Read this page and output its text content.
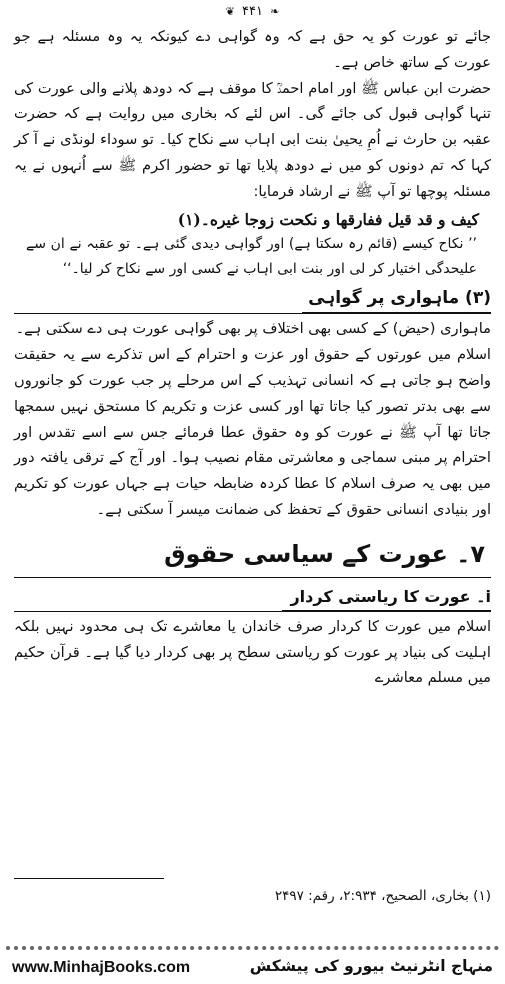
❦ ۴۴۱ ❧

جائے تو عورت کو یہ حق ہے کہ وہ گواہی دے کیونکہ یہ وہ مسئلہ ہے جو عورت کے ساتھ خاص ہے۔

حضرت ابن عباس ﷺ اور امام احمدؒ کا موقف ہے کہ دودھ پلانے والی عورت کی تنہا گواہی قبول کی جائے گی۔ اس لئے کہ بخاری میں روایت ہے کہ حضرت عقبہ بن حارث نے اُمِ یحییٰ بنت ابی اہاب سے نکاح کیا۔ تو سوداء لونڈی نے آ کر کہا کہ تم دونوں کو میں نے دودھ پلایا تھا تو حضور اکرم ﷺ سے اُنہوں نے یہ مسئلہ پوچھا تو آپ ﷺ نے ارشاد فرمایا:

كيف و قد قيل ففارقها و نكحت زوجا غيره۔(۱)

’’ نکاح کیسے (قائم رہ سکتا ہے) اور گواہی دیدی گئی ہے۔ تو عقبہ نے ان سے علیحدگی اختیار کر لی اور بنت ابی اہاب نے کسی اور سے نکاح کر لیا۔‘‘

(۳) ماہواری پر گواہی

ماہواری (حیض) کے کسی بھی اختلاف پر بھی گواہی عورت ہی دے سکتی ہے۔

اسلام میں عورتوں کے حقوق اور عزت و احترام کے اس تذکرے سے یہ حقیقت واضح ہو جاتی ہے کہ انسانی تہذیب کے اس مرحلے پر جب عورت کو جانوروں سے بھی بدتر تصور کیا جاتا تھا اور کسی عزت و تکریم کا مستحق نہیں سمجھا جاتا تھا آپ ﷺ نے عورت کو وہ حقوق عطا فرمائے جس سے اسے تقدس اور احترام پر مبنی سماجی و معاشرتی مقام نصیب ہوا۔ اور آج کے ترقی یافتہ دور میں بھی یہ صرف اسلام کا عطا کردہ ضابطہ حیات ہے جہاں عورت کو تکریم اور بنیادی انسانی حقوق کے تحفظ کی ضمانت میسر آ سکتی ہے۔

۷۔ عورت کے سیاسی حقوق
i۔ عورت کا ریاستی کردار

اسلام میں عورت کا کردار صرف خاندان یا معاشرے تک ہی محدود نہیں بلکہ اہلیت کی بنیاد پر عورت کو ریاستی سطح پر بھی کردار دیا گیا ہے۔ قرآن حکیم میں مسلم معاشرے

(۱) بخاری، الصحیح، ۲:۹۳۴، رقم: ۲۴۹۷
www.MinhajBooks.com	منہاج انٹرنیٹ بیورو کی پیشکش
